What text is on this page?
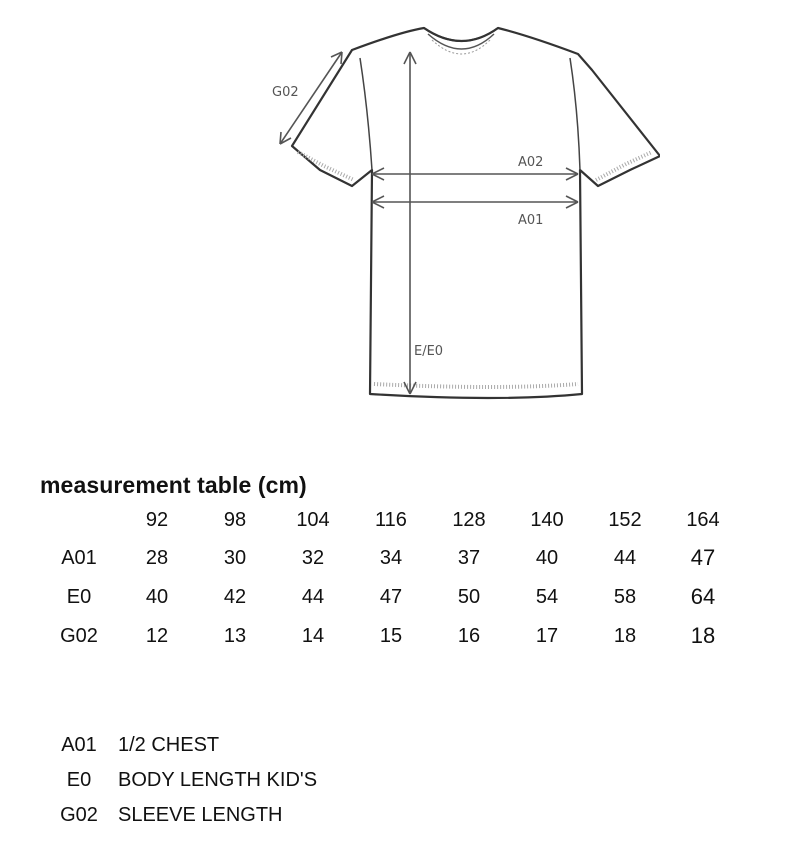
G02
E/E0
A02
A01
measurement table (cm)
	92	98	104	116	128	140	152	164
A01	28	30	32	34	37	40	44	47
E0	40	42	44	47	50	54	58	64
G02	12	13	14	15	16	17	18	18
A01	1/2 CHEST
E0	BODY LENGTH KID'S
G02	SLEEVE LENGTH
